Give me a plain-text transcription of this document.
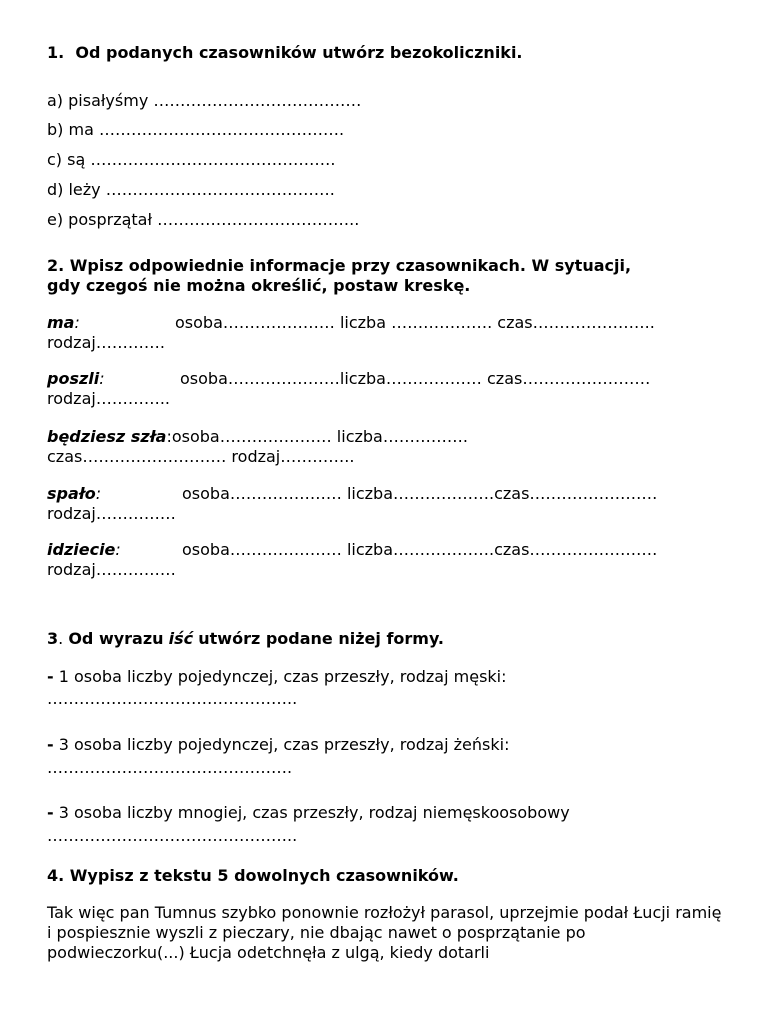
1. Od podanych czasowników utwórz bezokoliczniki.
a) pisałyśmy …………………………………
b) ma ……………………………………….
c) są ……………………………………….
d) leży …………………………………….
e) posprzątał ………………………………..
2. Wpisz odpowiednie informacje przy czasownikach. W sytuacji,
gdy czegoś nie można określić, postaw kreskę.
ma:	osoba………………… liczba ………………. czas…………………..
rodzaj………….
poszli:	osoba…………………liczba……………… czas……………………
rodzaj…………..
będziesz szła:osoba………………… liczba…………….
czas……………………… rodzaj…………..
spało:	osoba………………… liczba……………….czas……………………
rodzaj……………
idziecie:	osoba………………… liczba……………….czas……………………
rodzaj……………
3. Od wyrazu iść utwórz podane niżej formy.
- 1 osoba liczby pojedynczej, czas przeszły, rodzaj męski:
………………………………………..
- 3 osoba liczby pojedynczej, czas przeszły, rodzaj żeński:
……………………………………….
- 3 osoba liczby mnogiej, czas przeszły, rodzaj niemęskoosobowy
………………………………………..
4. Wypisz z tekstu 5 dowolnych czasowników.
Tak więc pan Tumnus szybko ponownie rozłożył parasol, uprzejmie podał Łucji ramię i pospiesznie wyszli z pieczary, nie dbając nawet o posprzątanie po podwieczorku(...) Łucja odetchnęła z ulgą, kiedy dotarli
